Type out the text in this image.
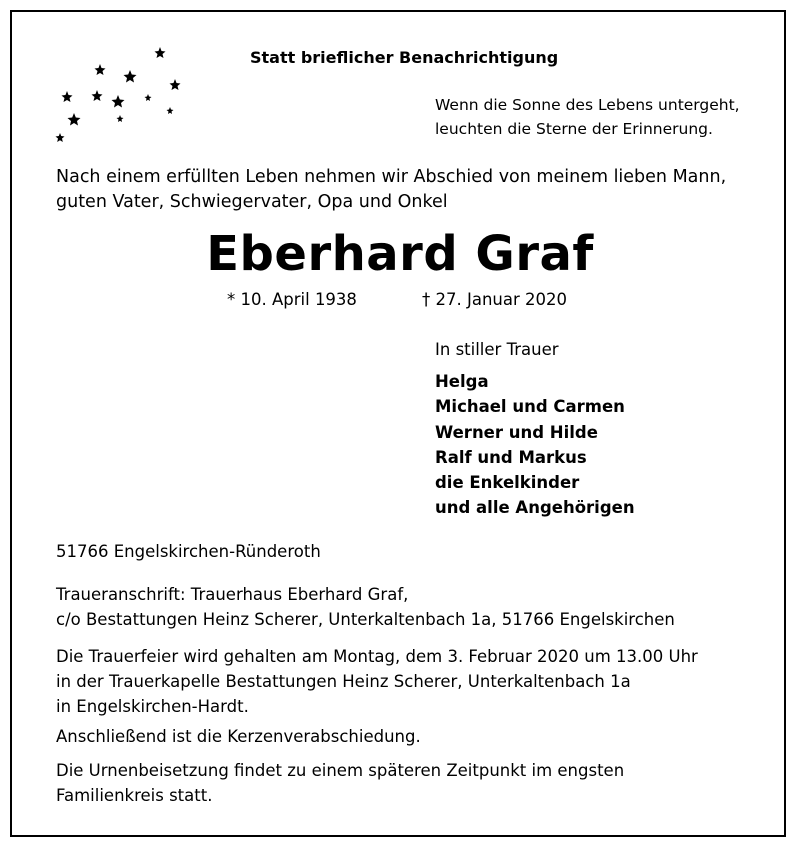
Statt brieflicher Benachrichtigung
Wenn die Sonne des Lebens untergeht,
leuchten die Sterne der Erinnerung.
Nach einem erfüllten Leben nehmen wir Abschied von meinem lieben Mann,
guten Vater, Schwiegervater, Opa und Onkel
Eberhard Graf
* 10. April 1938	† 27. Januar 2020
In stiller Trauer
Helga
Michael und Carmen
Werner und Hilde
Ralf und Markus
die Enkelkinder
und alle Angehörigen
51766 Engelskirchen-Ründeroth
Traueranschrift: Trauerhaus Eberhard Graf,
c/o Bestattungen Heinz Scherer, Unterkaltenbach 1a, 51766 Engelskirchen
Die Trauerfeier wird gehalten am Montag, dem 3. Februar 2020 um 13.00 Uhr
in der Trauerkapelle Bestattungen Heinz Scherer, Unterkaltenbach 1a
in Engelskirchen-Hardt.
Anschließend ist die Kerzenverabschiedung.
Die Urnenbeisetzung findet zu einem späteren Zeitpunkt im engsten
Familienkreis statt.
